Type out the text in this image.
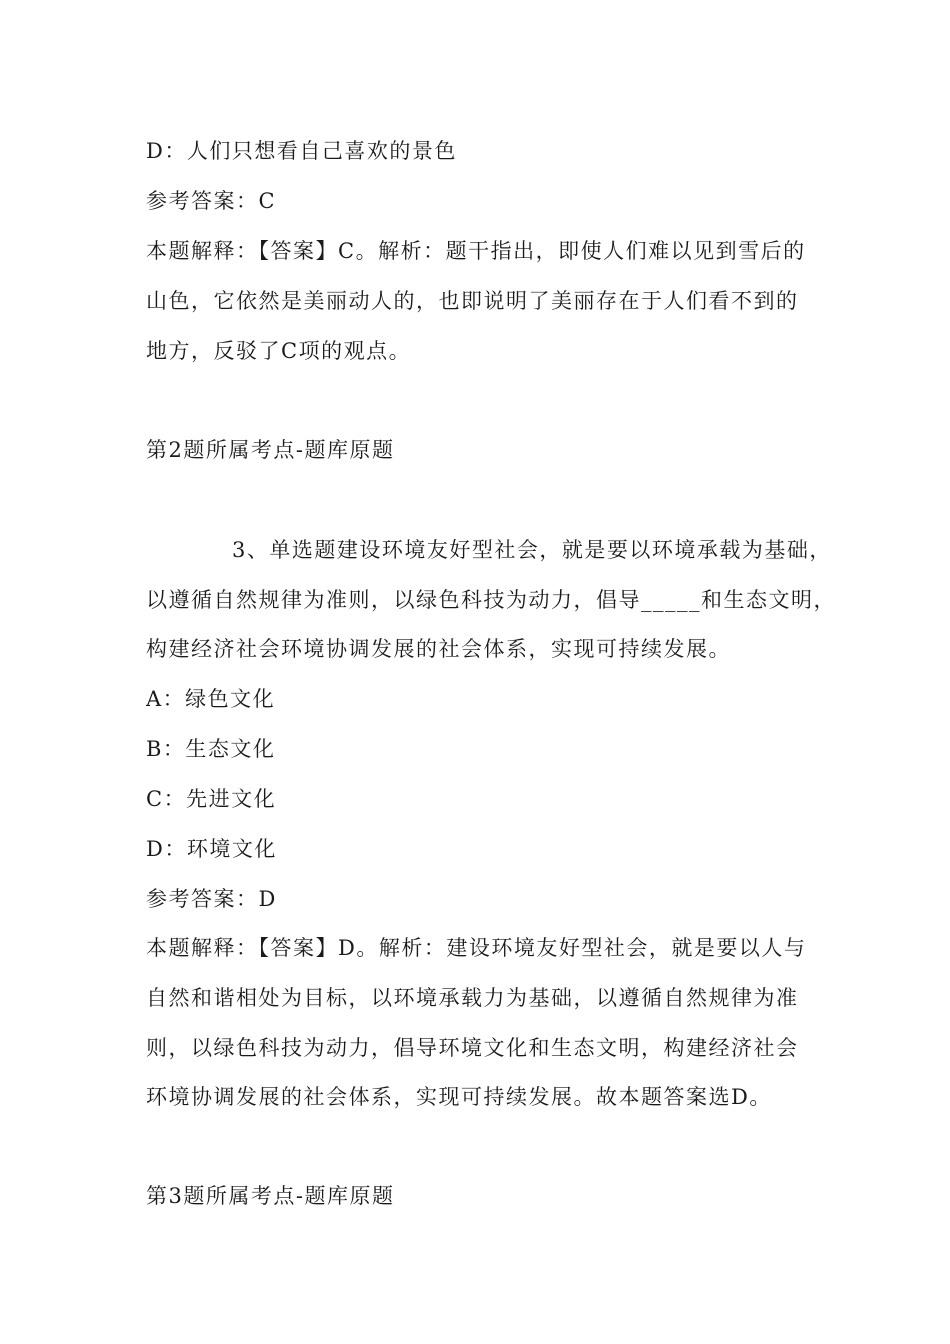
D：人们只想看自己喜欢的景色
参考答案：C
本题解释：【答案】C。解析：题干指出，即使人们难以见到雪后的
山色，它依然是美丽动人的，也即说明了美丽存在于人们看不到的
地方，反驳了C项的观点。
第2题所属考点-题库原题
3、单选题建设环境友好型社会，就是要以环境承载为基础，
以遵循自然规律为准则，以绿色科技为动力，倡导_____和生态文明，
构建经济社会环境协调发展的社会体系，实现可持续发展。
A：绿色文化
B：生态文化
C：先进文化
D：环境文化
参考答案：D
本题解释：【答案】D。解析：建设环境友好型社会，就是要以人与
自然和谐相处为目标，以环境承载力为基础，以遵循自然规律为准
则，以绿色科技为动力，倡导环境文化和生态文明，构建经济社会
环境协调发展的社会体系，实现可持续发展。故本题答案选D。
第3题所属考点-题库原题
